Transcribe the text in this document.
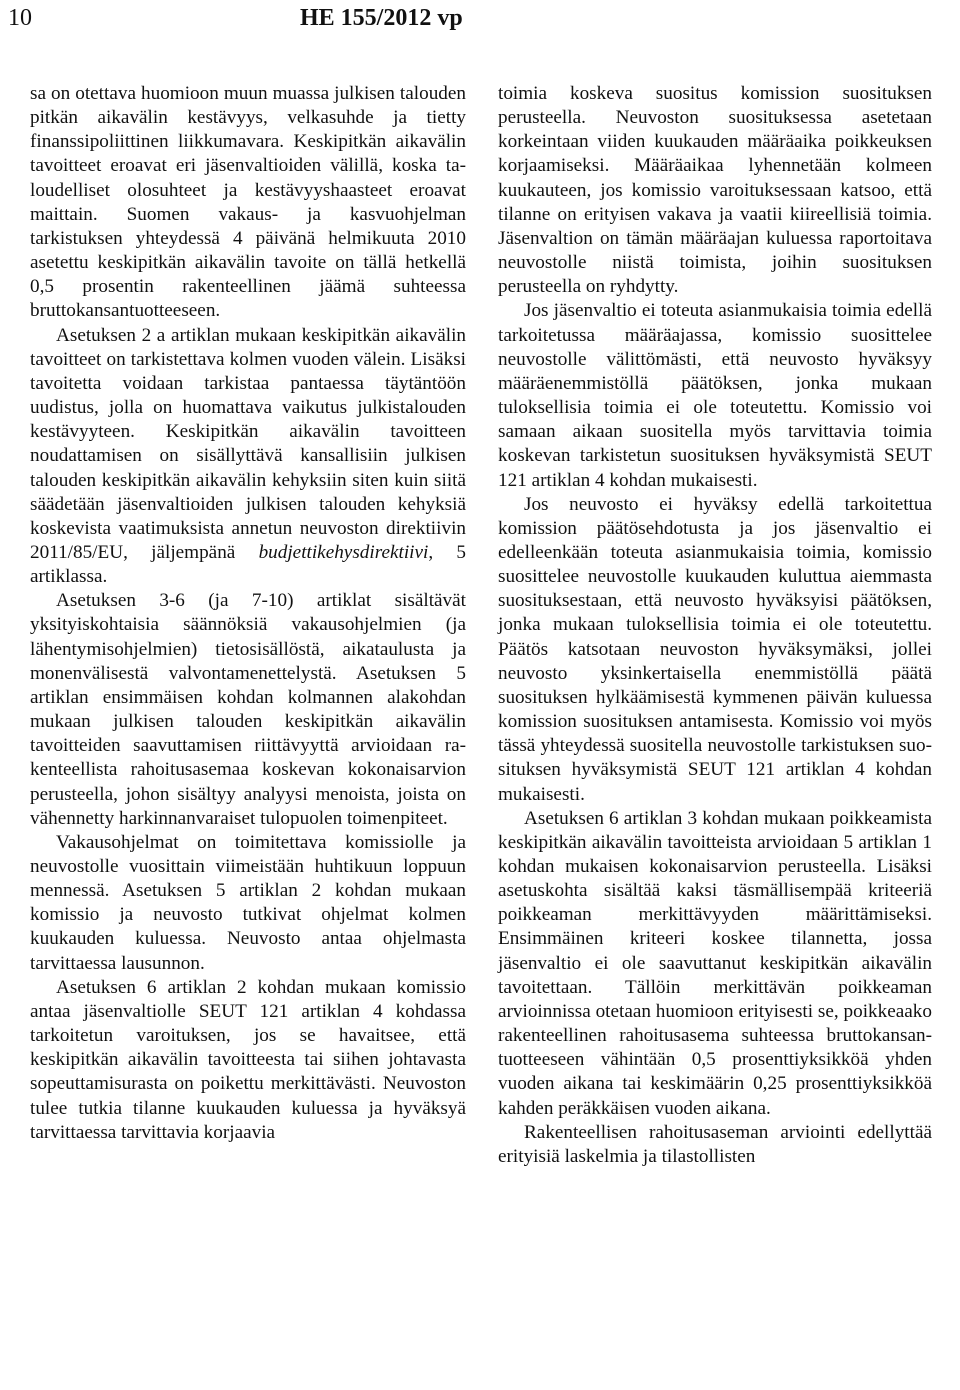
10	HE 155/2012 vp

sa on otettava huomioon muun muassa julkisen talouden pitkän aikavälin kestävyys, velkasuhde ja tietty finanssipoliittinen liikkumavara. Keskipitkän aikavälin tavoitteet eroavat eri jäsenvaltioiden välillä, koska taloudelliset olosuhteet ja kestävyyshaasteet eroavat maittain. Suomen vakaus- ja kasvuohjelman tarkistuksen yhteydessä 4 päivänä helmikuuta 2010 asetettu keskipitkän aikavälin tavoite on tällä hetkellä 0,5 prosentin rakenteellinen jäämä suhteessa bruttokansantuotteeseen.

Asetuksen 2 a artiklan mukaan keskipitkän aikavälin tavoitteet on tarkistettava kolmen vuoden välein. Lisäksi tavoitetta voidaan tarkistaa pantaessa täytäntöön uudistus, jolla on huomattava vaikutus julkistalouden kestävyyteen. Keskipitkän aikavälin tavoitteen noudattamisen on sisällyttävä kansallisiin julkisen talouden keskipitkän aikavälin kehyksiin siten kuin siitä säädetään jäsenvaltioiden julkisen talouden kehyksiä koskevista vaatimuksista annetun neuvoston direktiivin 2011/85/EU, jäljempänä budjettikehysdirektiivi, 5 artiklassa.

Asetuksen 3-6 (ja 7-10) artiklat sisältävät yksityiskohtaisia säännöksiä vakausohjelmien (ja lähentymisohjelmien) tietosisällöstä, aikataulusta ja monenvälisestä valvontamenettelystä. Asetuksen 5 artiklan ensimmäisen kohdan kolmannen alakohdan mukaan julkisen talouden keskipitkän aikavälin tavoitteiden saavuttamisen riittävyyttä arvioidaan rakenteellista rahoitusasemaa koskevan kokonaisarvion perusteella, johon sisältyy analyysi menoista, joista on vähennetty harkinnanvaraiset tulopuolen toimenpiteet.

Vakausohjelmat on toimitettava komissiolle ja neuvostolle vuosittain viimeistään huhtikuun loppuun mennessä. Asetuksen 5 artiklan 2 kohdan mukaan komissio ja neuvosto tutkivat ohjelmat kolmen kuukauden kuluessa. Neuvosto antaa ohjelmasta tarvittaessa lausunnon.

Asetuksen 6 artiklan 2 kohdan mukaan komissio antaa jäsenvaltiolle SEUT 121 artiklan 4 kohdassa tarkoitetun varoituksen, jos se havaitsee, että keskipitkän aikavälin tavoitteesta tai siihen johtavasta sopeuttamisurasta on poikettu merkittävästi. Neuvoston tulee tutkia tilanne kuukauden kuluessa ja hyväksyä tarvittaessa tarvittavia korjaavia

toimia koskeva suositus komission suosituksen perusteella. Neuvoston suosituksessa asetetaan korkeintaan viiden kuukauden määräaika poikkeuksen korjaamiseksi. Määräaikaa lyhennetään kolmeen kuukauteen, jos komissio varoituksessaan katsoo, että tilanne on erityisen vakava ja vaatii kiireellisiä toimia. Jäsenvaltion on tämän määräajan kuluessa raportoitava neuvostolle niistä toimista, joihin suosituksen perusteella on ryhdytty.

Jos jäsenvaltio ei toteuta asianmukaisia toimia edellä tarkoitetussa määräajassa, komissio suosittelee neuvostolle välittömästi, että neuvosto hyväksyy määräenemmistöllä päätöksen, jonka mukaan tuloksellisia toimia ei ole toteutettu. Komissio voi samaan aikaan suositella myös tarvittavia toimia koskevan tarkistetun suosituksen hyväksymistä SEUT 121 artiklan 4 kohdan mukaisesti.

Jos neuvosto ei hyväksy edellä tarkoitettua komission päätösehdotusta ja jos jäsenvaltio ei edelleenkään toteuta asianmukaisia toimia, komissio suosittelee neuvostolle kuukauden kuluttua aiemmasta suosituksestaan, että neuvosto hyväksyisi päätöksen, jonka mukaan tuloksellisia toimia ei ole toteutettu. Päätös katsotaan neuvoston hyväksymäksi, jollei neuvosto yksinkertaisella enemmistöllä päätä suosituksen hylkäämisestä kymmenen päivän kuluessa komission suosituksen antamisesta. Komissio voi myös tässä yhteydessä suositella neuvostolle tarkistuksen suosituksen hyväksymistä SEUT 121 artiklan 4 kohdan mukaisesti.

Asetuksen 6 artiklan 3 kohdan mukaan poikkeamista keskipitkän aikavälin tavoitteista arvioidaan 5 artiklan 1 kohdan mukaisen kokonaisarvion perusteella. Lisäksi asetuskohta sisältää kaksi täsmällisempää kriteeriä poikkeaman merkittävyyden määrittämiseksi. Ensimmäinen kriteeri koskee tilannetta, jossa jäsenvaltio ei ole saavuttanut keskipitkän aikavälin tavoitettaan. Tällöin merkittävän poikkeaman arvioinnissa otetaan huomioon erityisesti se, poikkeaako rakenteellinen rahoitusasema suhteessa bruttokansantuotteeseen vähintään 0,5 prosenttiyksikköä yhden vuoden aikana tai keskimäärin 0,25 prosenttiyksikköä kahden peräkkäisen vuoden aikana.

Rakenteellisen rahoitusaseman arviointi edellyttää erityisiä laskelmia ja tilastollisten
